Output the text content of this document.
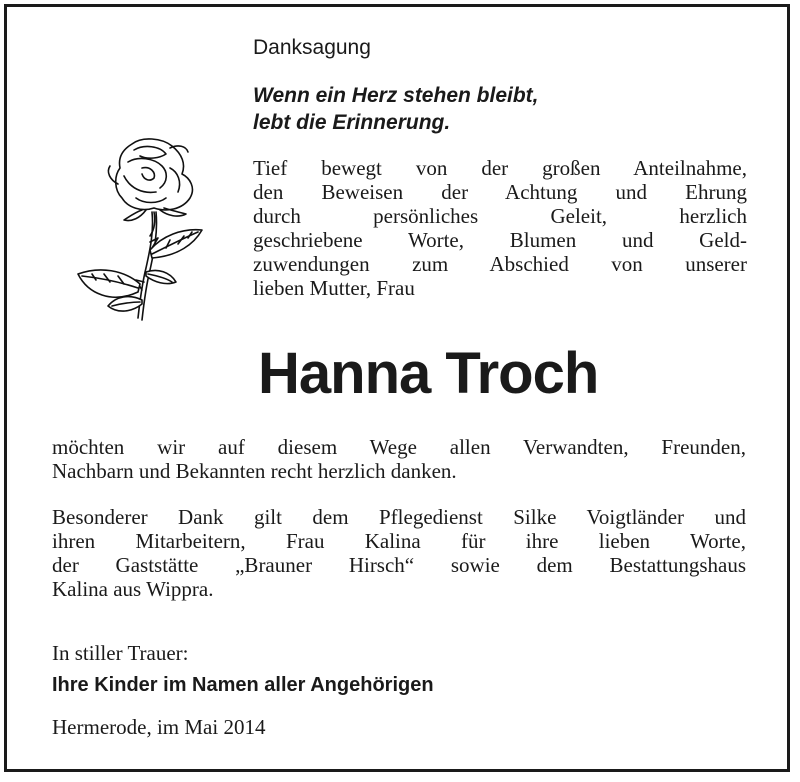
Danksagung
Wenn ein Herz stehen bleibt,
lebt die Erinnerung.
Tief bewegt von der großen Anteilnahme,
den Beweisen der Achtung und Ehrung
durch persönliches Geleit, herzlich
geschriebene Worte, Blumen und Geld-
zuwendungen zum Abschied von unserer
lieben Mutter, Frau
Hanna Troch
möchten wir auf diesem Wege allen Verwandten, Freunden,
Nachbarn und Bekannten recht herzlich danken.
Besonderer Dank gilt dem Pflegedienst Silke Voigtländer und
ihren Mitarbeitern, Frau Kalina für ihre lieben Worte,
der Gaststätte „Brauner Hirsch“ sowie dem Bestattungshaus
Kalina aus Wippra.
In stiller Trauer:
Ihre Kinder im Namen aller Angehörigen
Hermerode, im Mai 2014
